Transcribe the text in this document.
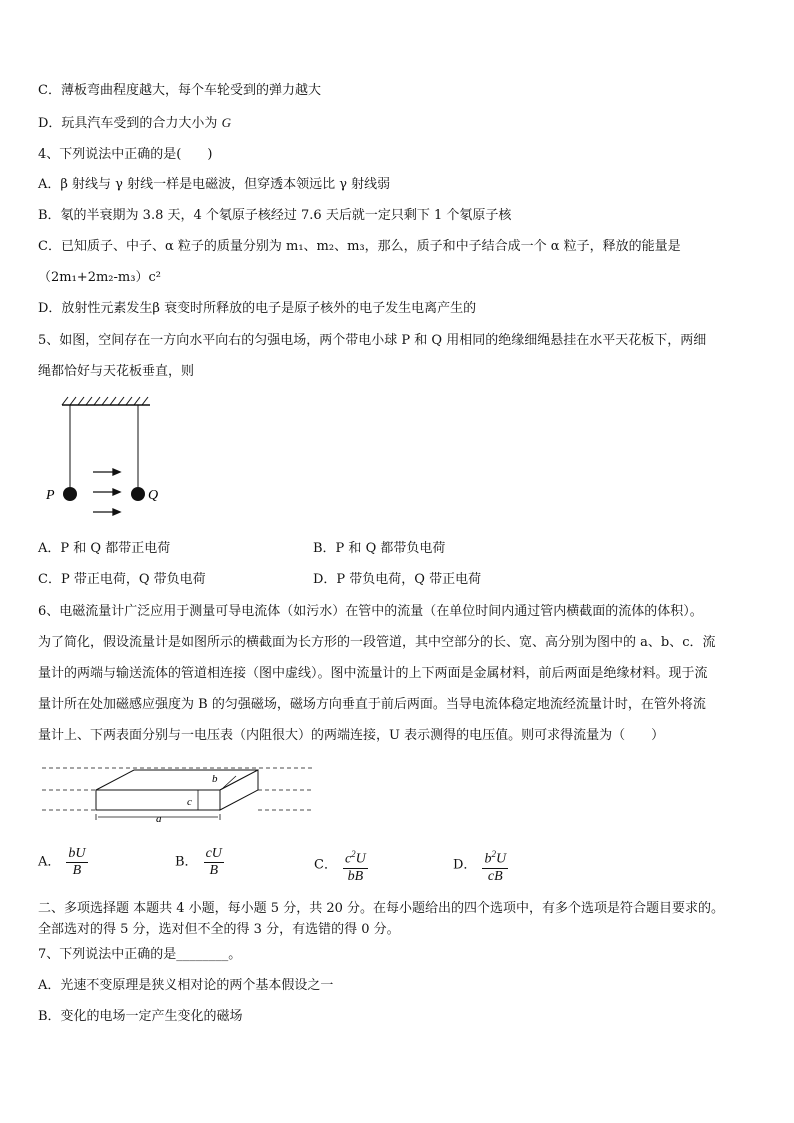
C．薄板弯曲程度越大，每个车轮受到的弹力越大
D．玩具汽车受到的合力大小为 G
4、下列说法中正确的是(　　)
A．β 射线与 γ 射线一样是电磁波，但穿透本领远比 γ 射线弱
B．氡的半衰期为 3.8 天，4 个氡原子核经过 7.6 天后就一定只剩下 1 个氡原子核
C．已知质子、中子、α 粒子的质量分别为 m₁、m₂、m₃，那么，质子和中子结合成一个 α 粒子，释放的能量是
（2m₁+2m₂-m₃）c²
D．放射性元素发生β 衰变时所释放的电子是原子核外的电子发生电离产生的
5、如图，空间存在一方向水平向右的匀强电场，两个带电小球 P 和 Q 用相同的绝缘细绳悬挂在水平天花板下，两细
绳都恰好与天花板垂直，则
P	Q
A．P 和 Q 都带正电荷	B．P 和 Q 都带负电荷
C．P 带正电荷，Q 带负电荷	D．P 带负电荷，Q 带正电荷
6、电磁流量计广泛应用于测量可导电流体（如污水）在管中的流量（在单位时间内通过管内横截面的流体的体积）。
为了简化，假设流量计是如图所示的横截面为长方形的一段管道，其中空部分的长、宽、高分别为图中的 a、b、c．流
量计的两端与输送流体的管道相连接（图中虚线）。图中流量计的上下两面是金属材料，前后两面是绝缘材料。现于流
量计所在处加磁感应强度为 B 的匀强磁场，磁场方向垂直于前后两面。当导电流体稳定地流经流量计时，在管外将流
量计上、下两表面分别与一电压表（内阻很大）的两端连接，U 表示测得的电压值。则可求得流量为（　　）
a
b
c
A． $\frac{bU}{B}$	B． $\frac{cU}{B}$	C． $\frac{c^2U}{bB}$	D． $\frac{b^2U}{cB}$
二、多项选择题 本题共 4 小题，每小题 5 分，共 20 分。在每小题给出的四个选项中，有多个选项是符合题目要求的。
全部选对的得 5 分，选对但不全的得 3 分，有选错的得 0 分。
7、下列说法中正确的是________。
A．光速不变原理是狭义相对论的两个基本假设之一
B．变化的电场一定产生变化的磁场
